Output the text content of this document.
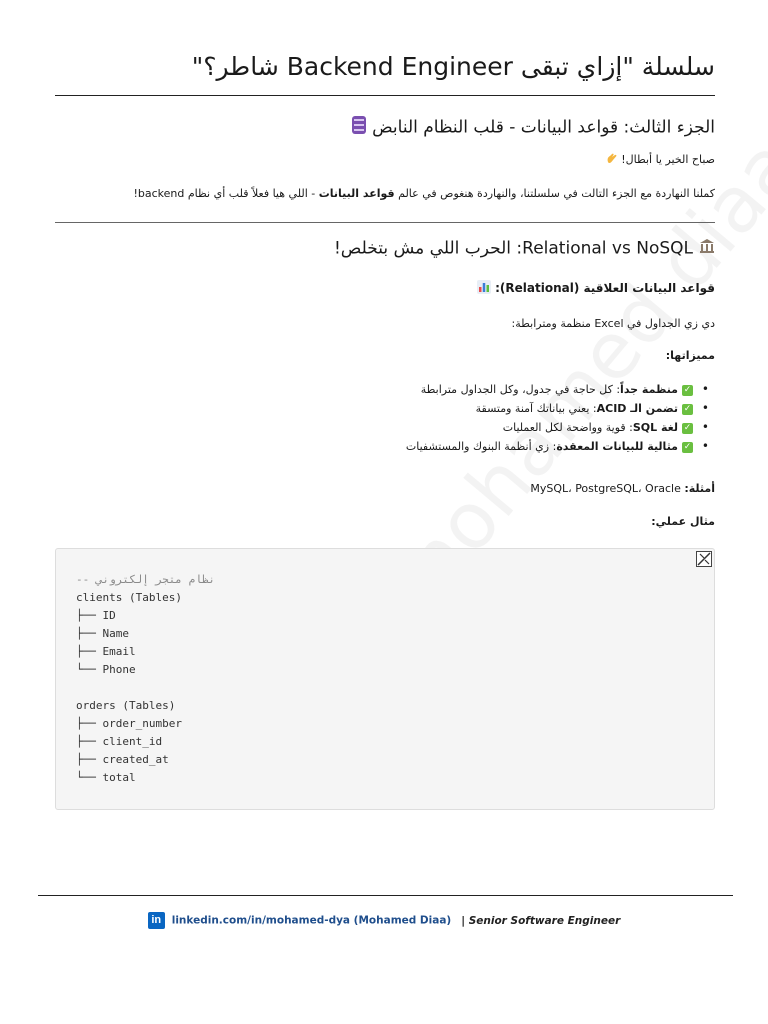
سلسلة "إزاي تبقى Backend Engineer شاطر؟"
الجزء الثالث: قواعد البيانات - قلب النظام النابض
صباح الخير يا أبطال!
كملنا النهاردة مع الجزء التالت في سلسلتنا، والنهاردة هنغوص في عالم قواعد البيانات - اللي هيا فعلاً قلب أي نظام backend!
Relational vs NoSQL: الحرب اللي مش بتخلص!
قواعد البيانات العلاقية (Relational):
دي زي الجداول في Excel منظمة ومترابطة:
مميزاتها:
• ✓منظمة جداً: كل حاجة في جدول، وكل الجداول مترابطة
• ✓تضمن الـ ACID: يعني بياناتك آمنة ومتسقة
• ✓لغة SQL: قوية وواضحة لكل العمليات
• ✓مثالية للبيانات المعقدة: زي أنظمة البنوك والمستشفيات
أمثلة: MySQL، PostgreSQL، Oracle
مثال عملي:
-- نظام متجر إلكتروني
clients (Tables)
├── ID
├── Name
├── Email
└── Phone

orders (Tables)
├── order_number
├── client_id
├── created_at
└── total
in linkedin.com/in/mohamed-dya (Mohamed Diaa) | Senior Software Engineer
